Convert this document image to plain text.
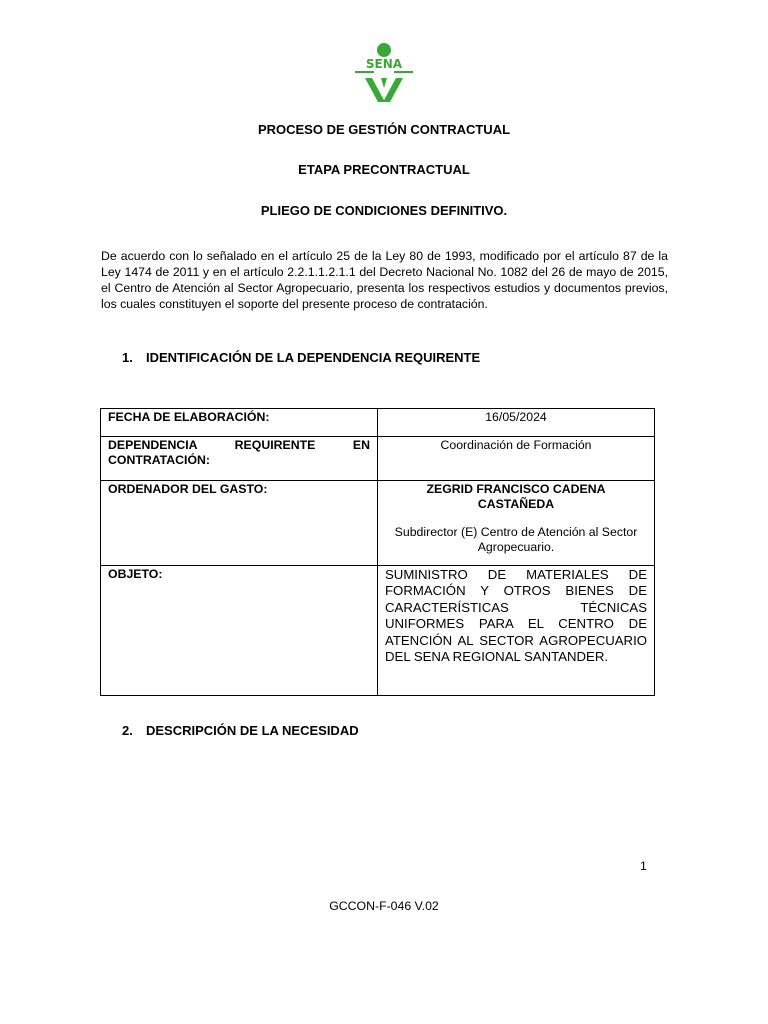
SENA
PROCESO DE GESTIÓN CONTRACTUAL
ETAPA PRECONTRACTUAL
PLIEGO DE CONDICIONES DEFINITIVO.
De acuerdo con lo señalado en el artículo 25 de la Ley 80 de 1993, modificado por el artículo 87 de la Ley 1474 de 2011 y en el artículo 2.2.1.1.2.1.1 del Decreto Nacional No. 1082 del 26 de mayo de 2015, el Centro de Atención al Sector Agropecuario, presenta los respectivos estudios y documentos previos, los cuales constituyen el soporte del presente proceso de contratación.
1. IDENTIFICACIÓN DE LA DEPENDENCIA REQUIRENTE
FECHA DE ELABORACIÓN:	16/05/2024
DEPENDENCIA REQUIRENTE EN CONTRATACIÓN:	Coordinación de Formación
ORDENADOR DEL GASTO:	ZEGRID FRANCISCO CADENA CASTAÑEDA
Subdirector (E) Centro de Atención al Sector Agropecuario.

OBJETO:	SUMINISTRO DE MATERIALES DE FORMACIÓN Y OTROS BIENES DE CARACTERÍSTICAS TÉCNICAS UNIFORMES PARA EL CENTRO DE ATENCIÓN AL SECTOR AGROPECUARIO DEL SENA REGIONAL SANTANDER.
2. DESCRIPCIÓN DE LA NECESIDAD
1
GCCON-F-046 V.02
